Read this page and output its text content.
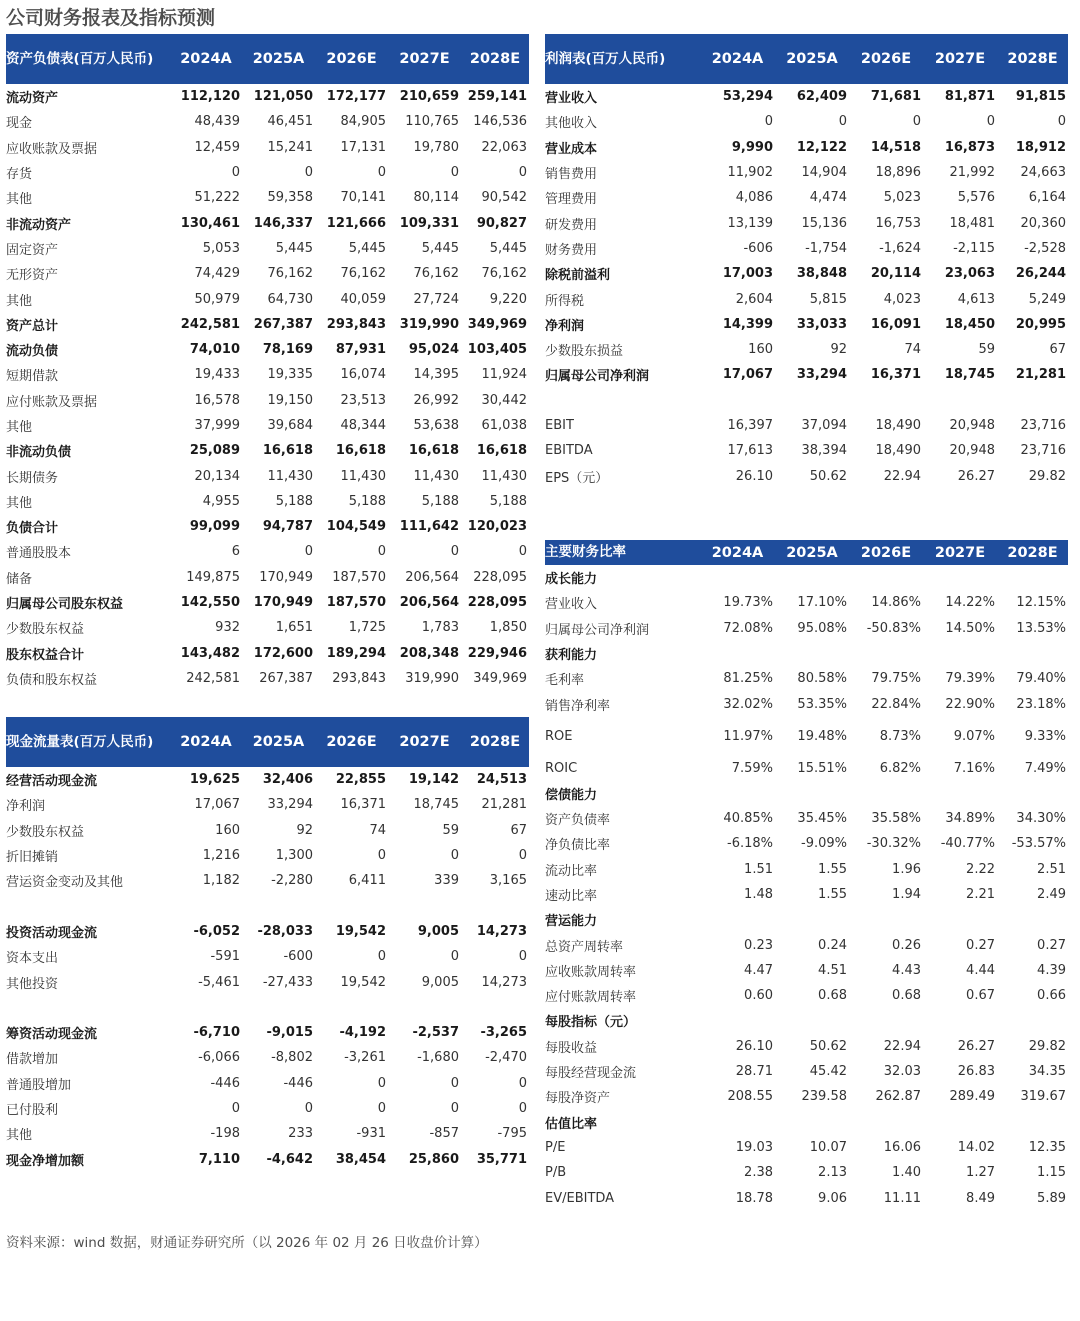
公司财务报表及指标预测
资产负债表(百万人民币)	2024A	2025A	2026E	2027E	2028E
流动资产	112,120	121,050	172,177	210,659	259,141
现金	48,439	46,451	84,905	110,765	146,536
应收账款及票据	12,459	15,241	17,131	19,780	22,063
存货	0	0	0	0	0
其他	51,222	59,358	70,141	80,114	90,542
非流动资产	130,461	146,337	121,666	109,331	90,827
固定资产	5,053	5,445	5,445	5,445	5,445
无形资产	74,429	76,162	76,162	76,162	76,162
其他	50,979	64,730	40,059	27,724	9,220
资产总计	242,581	267,387	293,843	319,990	349,969
流动负债	74,010	78,169	87,931	95,024	103,405
短期借款	19,433	19,335	16,074	14,395	11,924
应付账款及票据	16,578	19,150	23,513	26,992	30,442
其他	37,999	39,684	48,344	53,638	61,038
非流动负债	25,089	16,618	16,618	16,618	16,618
长期债务	20,134	11,430	11,430	11,430	11,430
其他	4,955	5,188	5,188	5,188	5,188
负债合计	99,099	94,787	104,549	111,642	120,023
普通股股本	6	0	0	0	0
储备	149,875	170,949	187,570	206,564	228,095
归属母公司股东权益	142,550	170,949	187,570	206,564	228,095
少数股东权益	932	1,651	1,725	1,783	1,850
股东权益合计	143,482	172,600	189,294	208,348	229,946
负债和股东权益	242,581	267,387	293,843	319,990	349,969
利润表(百万人民币)	2024A	2025A	2026E	2027E	2028E
营业收入	53,294	62,409	71,681	81,871	91,815
其他收入	0	0	0	0	0
营业成本	9,990	12,122	14,518	16,873	18,912
销售费用	11,902	14,904	18,896	21,992	24,663
管理费用	4,086	4,474	5,023	5,576	6,164
研发费用	13,139	15,136	16,753	18,481	20,360
财务费用	-606	-1,754	-1,624	-2,115	-2,528
除税前溢利	17,003	38,848	20,114	23,063	26,244
所得税	2,604	5,815	4,023	4,613	5,249
净利润	14,399	33,033	16,091	18,450	20,995
少数股东损益	160	92	74	59	67
归属母公司净利润	17,067	33,294	16,371	18,745	21,281

EBIT	16,397	37,094	18,490	20,948	23,716
EBITDA	17,613	38,394	18,490	20,948	23,716
EPS（元）	26.10	50.62	22.94	26.27	29.82
现金流量表(百万人民币)	2024A	2025A	2026E	2027E	2028E
经营活动现金流	19,625	32,406	22,855	19,142	24,513
净利润	17,067	33,294	16,371	18,745	21,281
少数股东权益	160	92	74	59	67
折旧摊销	1,216	1,300	0	0	0
营运资金变动及其他	1,182	-2,280	6,411	339	3,165

投资活动现金流	-6,052	-28,033	19,542	9,005	14,273
资本支出	-591	-600	0	0	0
其他投资	-5,461	-27,433	19,542	9,005	14,273

筹资活动现金流	-6,710	-9,015	-4,192	-2,537	-3,265
借款增加	-6,066	-8,802	-3,261	-1,680	-2,470
普通股增加	-446	-446	0	0	0
已付股利	0	0	0	0	0
其他	-198	233	-931	-857	-795
现金净增加额	7,110	-4,642	38,454	25,860	35,771
主要财务比率	2024A	2025A	2026E	2027E	2028E
成长能力					
营业收入	19.73%	17.10%	14.86%	14.22%	12.15%
归属母公司净利润	72.08%	95.08%	-50.83%	14.50%	13.53%
获利能力					
毛利率	81.25%	80.58%	79.75%	79.39%	79.40%
销售净利率	32.02%	53.35%	22.84%	22.90%	23.18%
ROE	11.97%	19.48%	8.73%	9.07%	9.33%
ROIC	7.59%	15.51%	6.82%	7.16%	7.49%
偿债能力					
资产负债率	40.85%	35.45%	35.58%	34.89%	34.30%
净负债比率	-6.18%	-9.09%	-30.32%	-40.77%	-53.57%
流动比率	1.51	1.55	1.96	2.22	2.51
速动比率	1.48	1.55	1.94	2.21	2.49
营运能力					
总资产周转率	0.23	0.24	0.26	0.27	0.27
应收账款周转率	4.47	4.51	4.43	4.44	4.39
应付账款周转率	0.60	0.68	0.68	0.67	0.66
每股指标（元）					
每股收益	26.10	50.62	22.94	26.27	29.82
每股经营现金流	28.71	45.42	32.03	26.83	34.35
每股净资产	208.55	239.58	262.87	289.49	319.67
估值比率					
P/E	19.03	10.07	16.06	14.02	12.35
P/B	2.38	2.13	1.40	1.27	1.15
EV/EBITDA	18.78	9.06	11.11	8.49	5.89
资料来源：wind 数据，财通证券研究所（以 2026 年 02 月 26 日收盘价计算）
